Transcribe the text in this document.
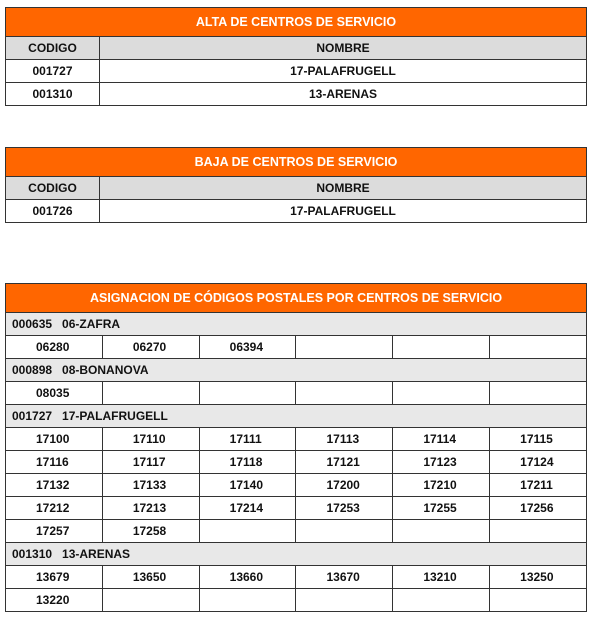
ALTA DE CENTROS DE SERVICIO	
CODIGO	NOMBRE
001727	17-PALAFRUGELL
001310	13-ARENAS
BAJA DE CENTROS DE SERVICIO	
CODIGO	NOMBRE
001726	17-PALAFRUGELL
ASIGNACION DE CÓDIGOS POSTALES POR CENTROS DE SERVICIO					
000635   06-ZAFRA					
06280	06270	06394			
000898   08-BONANOVA					
08035					
001727   17-PALAFRUGELL					
17100	17110	17111	17113	17114	17115
17116	17117	17118	17121	17123	17124
17132	17133	17140	17200	17210	17211
17212	17213	17214	17253	17255	17256
17257	17258				
001310   13-ARENAS					
13679	13650	13660	13670	13210	13250
13220					
